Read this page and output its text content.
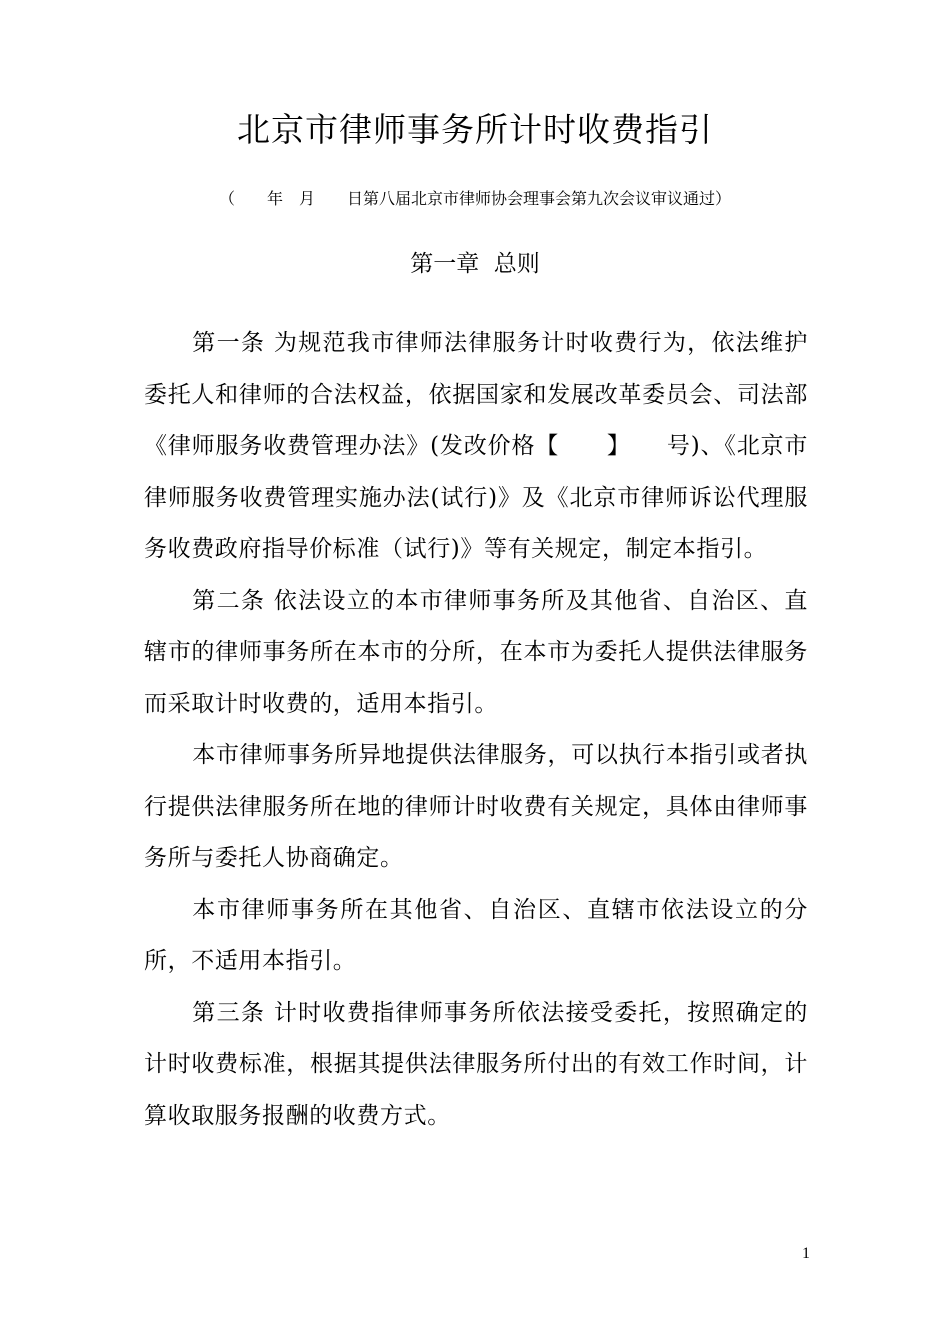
北京市律师事务所计时收费指引
（　　年　月　　日第八届北京市律师协会理事会第九次会议审议通过）
第一章  总则

第一条 为规范我市律师法律服务计时收费行为，依法维护委托人和律师的合法权益，依据国家和发展改革委员会、司法部《律师服务收费管理办法》(发改价格【　　】　　号)、《北京市律师服务收费管理实施办法(试行)》及《北京市律师诉讼代理服务收费政府指导价标准（试行)》等有关规定，制定本指引。

第二条 依法设立的本市律师事务所及其他省、自治区、直辖市的律师事务所在本市的分所，在本市为委托人提供法律服务而采取计时收费的，适用本指引。

本市律师事务所异地提供法律服务，可以执行本指引或者执行提供法律服务所在地的律师计时收费有关规定，具体由律师事务所与委托人协商确定。

本市律师事务所在其他省、自治区、直辖市依法设立的分所，不适用本指引。

第三条 计时收费指律师事务所依法接受委托，按照确定的计时收费标准，根据其提供法律服务所付出的有效工作时间，计算收取服务报酬的收费方式。

1
